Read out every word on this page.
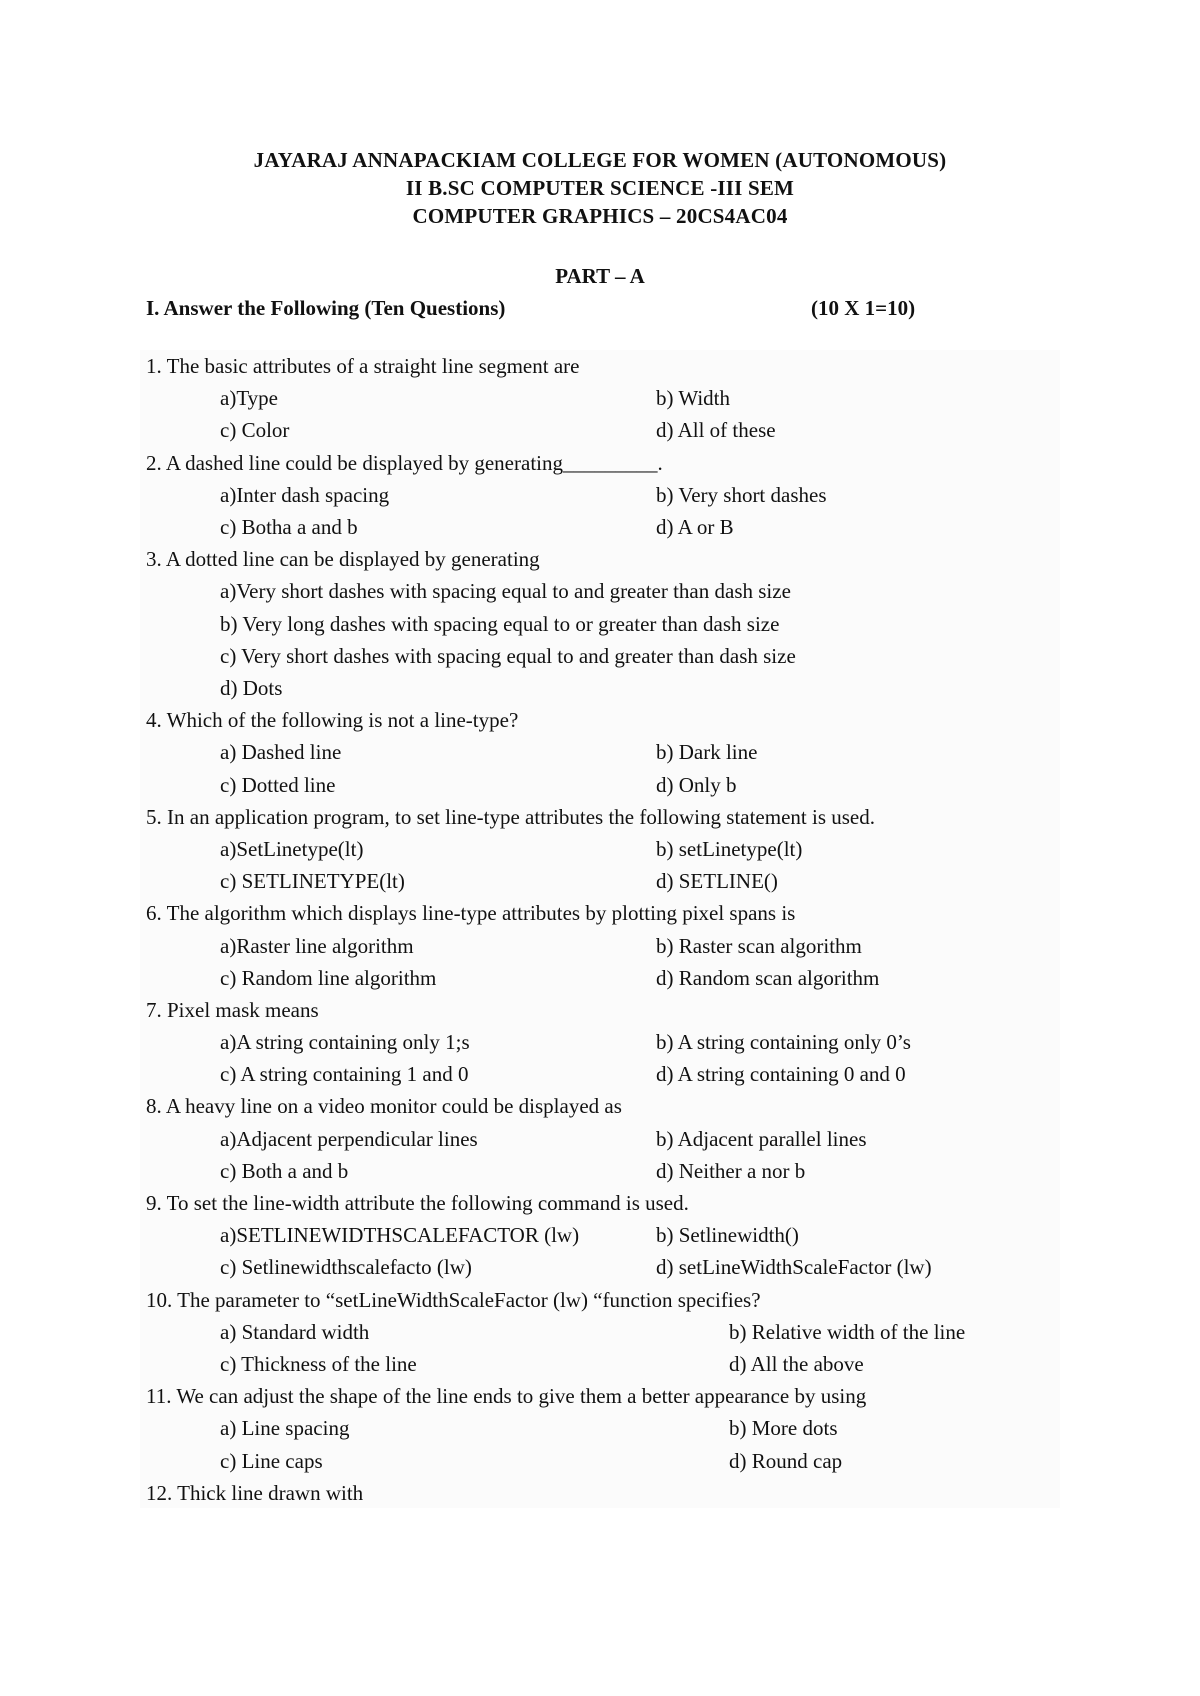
JAYARAJ ANNAPACKIAM COLLEGE FOR WOMEN (AUTONOMOUS)
II B.SC COMPUTER SCIENCE -III SEM
COMPUTER GRAPHICS – 20CS4AC04
PART – A
I. Answer the Following (Ten Questions)	(10 X 1=10)
1. The basic attributes of a straight line segment are
a)Type	b) Width
c) Color	d) All of these
2. A dashed line could be displayed by generating_________.
a)Inter dash spacing	b) Very short dashes
c) Botha a and b	d) A or B
3. A dotted line can be displayed by generating
a)Very short dashes with spacing equal to and greater than dash size
b) Very long dashes with spacing equal to or greater than dash size
c) Very short dashes with spacing equal to and greater than dash size
d) Dots
4. Which of the following is not a line-type?
a) Dashed line	b) Dark line
c) Dotted line	d) Only b
5. In an application program, to set line-type attributes the following statement is used.
a)SetLinetype(lt)	b) setLinetype(lt)
c) SETLINETYPE(lt)	d) SETLINE()
6. The algorithm which displays line-type attributes by plotting pixel spans is
a)Raster line algorithm	b) Raster scan algorithm
c) Random line algorithm	d) Random scan algorithm
7. Pixel mask means
a)A string containing only 1;s	b) A string containing only 0’s
c) A string containing 1 and 0	d) A string containing 0 and 0
8. A heavy line on a video monitor could be displayed as
a)Adjacent perpendicular lines	b) Adjacent parallel lines
c) Both a and b	d) Neither a nor b
9. To set the line-width attribute the following command is used.
a)SETLINEWIDTHSCALEFACTOR (lw)	b) Setlinewidth()
c) Setlinewidthscalefacto (lw)	d) setLineWidthScaleFactor (lw)
10. The parameter to “setLineWidthScaleFactor (lw) “function specifies?
a) Standard width	b) Relative width of the line
c) Thickness of the line	d) All the above
11. We can adjust the shape of the line ends to give them a better appearance by using
a) Line spacing	b) More dots
c) Line caps	d) Round cap
12. Thick line drawn with
